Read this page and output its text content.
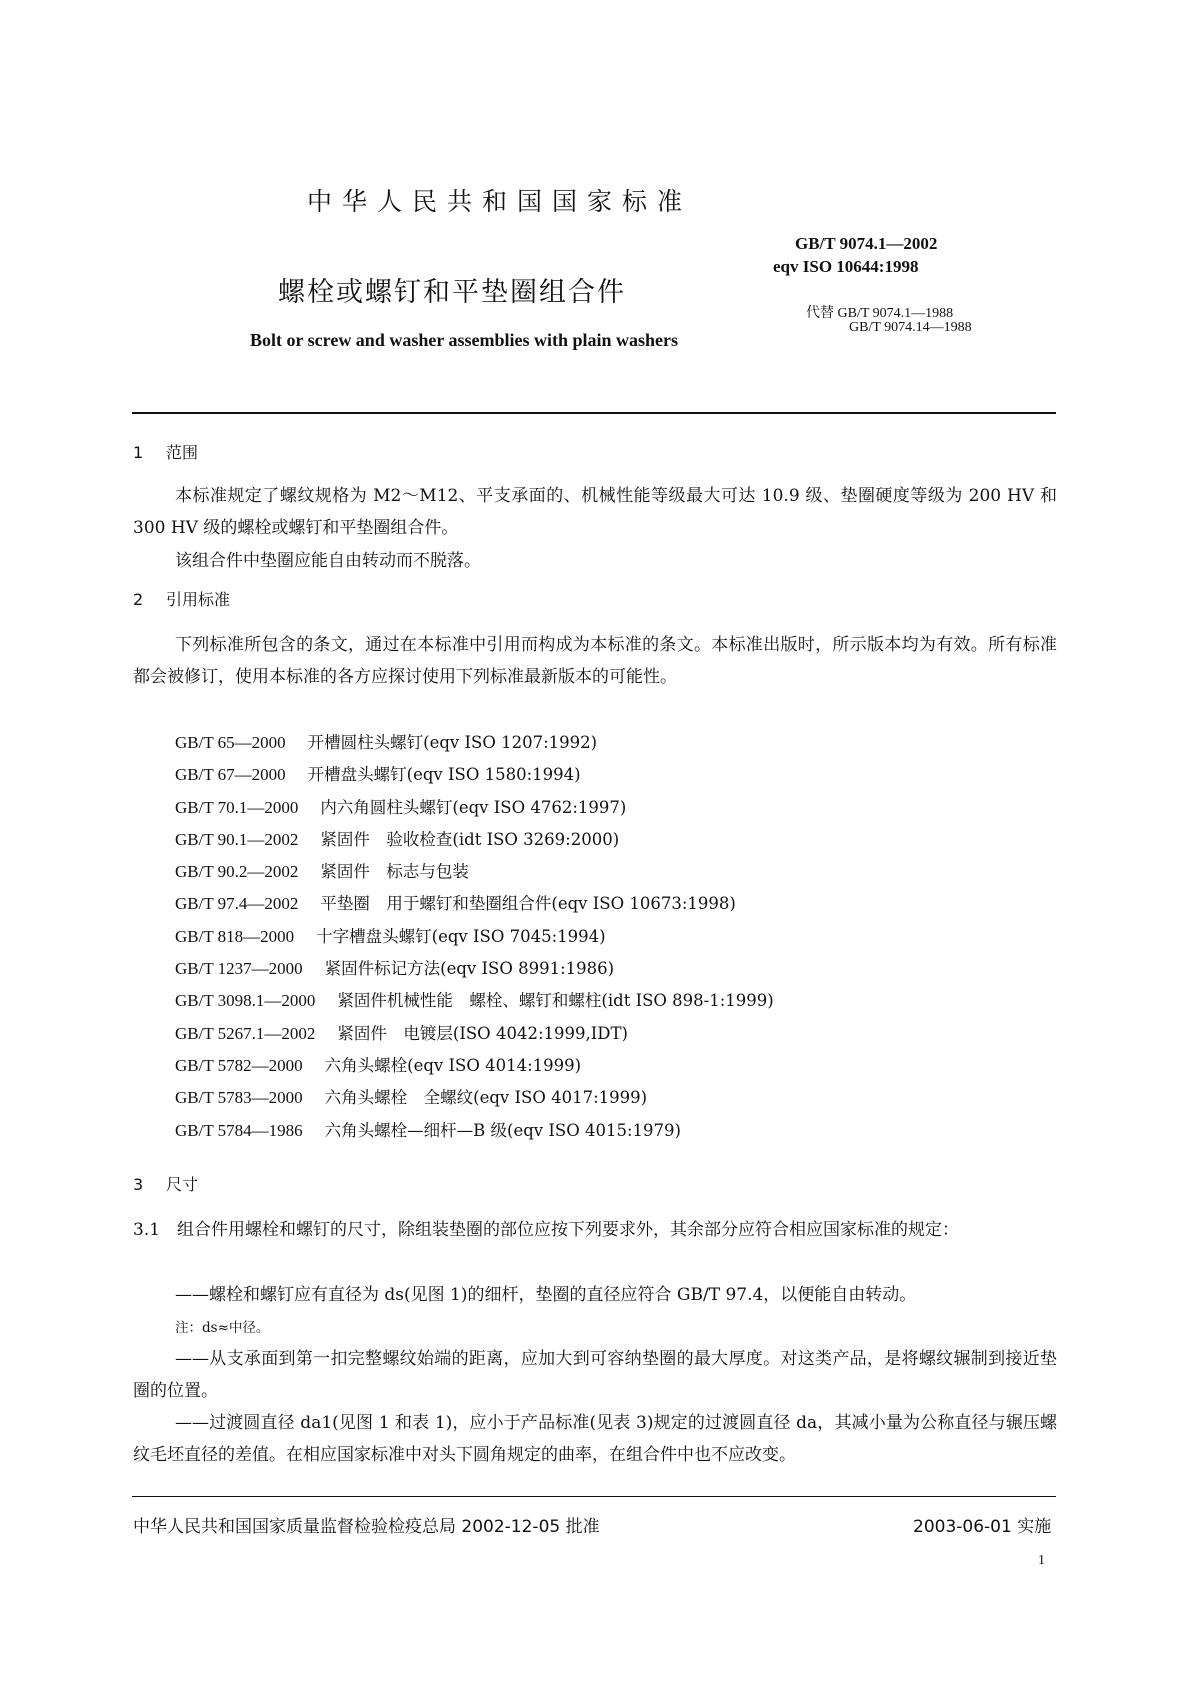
中华人民共和国国家标准
螺栓或螺钉和平垫圈组合件
Bolt or screw and washer assemblies with plain washers
GB/T 9074.1—2002
eqv ISO 10644:1998
代替 GB/T 9074.1—1988
GB/T 9074.14—1988
1 范围
本标准规定了螺纹规格为 M2～M12、平支承面的、机械性能等级最大可达 10.9 级、垫圈硬度等级为 200 HV 和 300 HV 级的螺栓或螺钉和平垫圈组合件。
该组合件中垫圈应能自由转动而不脱落。
2 引用标准
下列标准所包含的条文，通过在本标准中引用而构成为本标准的条文。本标准出版时，所示版本均为有效。所有标准都会被修订，使用本标准的各方应探讨使用下列标准最新版本的可能性。
GB/T 65—2000 开槽圆柱头螺钉(eqv ISO 1207:1992)
GB/T 67—2000 开槽盘头螺钉(eqv ISO 1580:1994)
GB/T 70.1—2000 内六角圆柱头螺钉(eqv ISO 4762:1997)
GB/T 90.1—2002 紧固件　验收检查(idt ISO 3269:2000)
GB/T 90.2—2002 紧固件　标志与包装
GB/T 97.4—2002 平垫圈　用于螺钉和垫圈组合件(eqv ISO 10673:1998)
GB/T 818—2000 十字槽盘头螺钉(eqv ISO 7045:1994)
GB/T 1237—2000 紧固件标记方法(eqv ISO 8991:1986)
GB/T 3098.1—2000 紧固件机械性能　螺栓、螺钉和螺柱(idt ISO 898-1:1999)
GB/T 5267.1—2002 紧固件　电镀层(ISO 4042:1999,IDT)
GB/T 5782—2000 六角头螺栓(eqv ISO 4014:1999)
GB/T 5783—2000 六角头螺栓　全螺纹(eqv ISO 4017:1999)
GB/T 5784—1986 六角头螺栓—细杆—B 级(eqv ISO 4015:1979)
3 尺寸
3.1　组合件用螺栓和螺钉的尺寸，除组装垫圈的部位应按下列要求外，其余部分应符合相应国家标准的规定：
——螺栓和螺钉应有直径为 ds(见图 1)的细杆，垫圈的直径应符合 GB/T 97.4，以便能自由转动。
注：ds≈中径。
——从支承面到第一扣完整螺纹始端的距离，应加大到可容纳垫圈的最大厚度。对这类产品，是将螺纹辗制到接近垫圈的位置。
——过渡圆直径 da1(见图 1 和表 1)，应小于产品标准(见表 3)规定的过渡圆直径 da，其减小量为公称直径与辗压螺纹毛坯直径的差值。在相应国家标准中对头下圆角规定的曲率，在组合件中也不应改变。
中华人民共和国国家质量监督检验检疫总局 2002-12-05 批准	2003-06-01 实施
1
